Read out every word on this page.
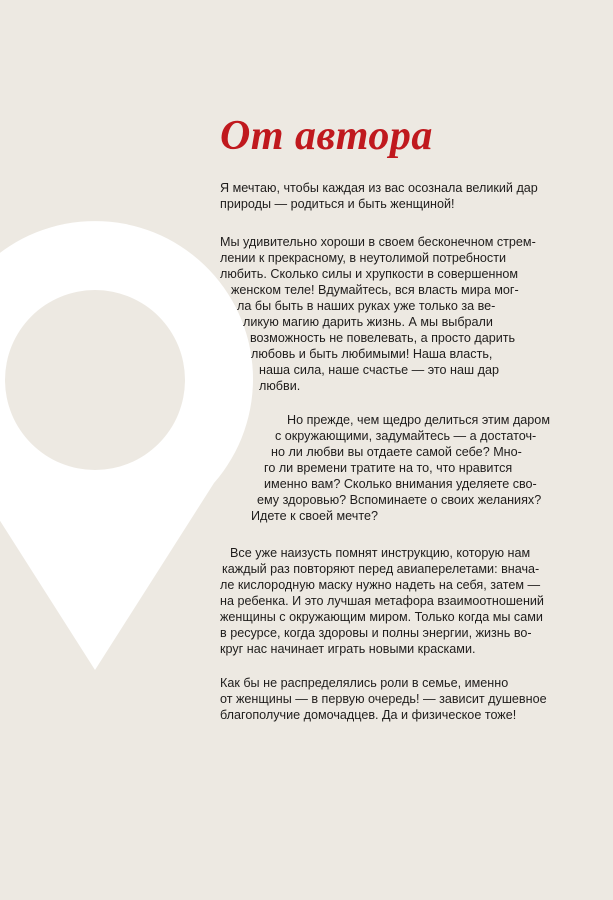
От автора

Я мечтаю, чтобы каждая из вас осознала великий дар

природы — родиться и быть женщиной!

Мы удивительно хороши в своем бесконечном стрем-

лении к прекрасному, в неутолимой потребности

любить. Сколько силы и хрупкости в совершенном

женском теле! Вдумайтесь, вся власть мира мог-

ла бы быть в наших руках уже только за ве-

ликую магию дарить жизнь. А мы выбрали

возможность не повелевать, а просто дарить

любовь и быть любимыми! Наша власть,

наша сила, наше счастье — это наш дар

любви.

Но прежде, чем щедро делиться этим даром

с окружающими, задумайтесь — а достаточ-

но ли любви вы отдаете самой себе? Мно-

го ли времени тратите на то, что нравится

именно вам? Сколько внимания уделяете сво-

ему здоровью? Вспоминаете о своих желаниях?

Идете к своей мечте?

Все уже наизусть помнят инструкцию, которую нам

каждый раз повторяют перед авиаперелетами: внача-

ле кислородную маску нужно надеть на себя, затем —

на ребенка. И это лучшая метафора взаимоотношений

женщины с окружающим миром. Только когда мы сами

в ресурсе, когда здоровы и полны энергии, жизнь во-

круг нас начинает играть новыми красками.

Как бы не распределялись роли в семье, именно

от женщины — в первую очередь! — зависит душевное

благополучие домочадцев. Да и физическое тоже!
